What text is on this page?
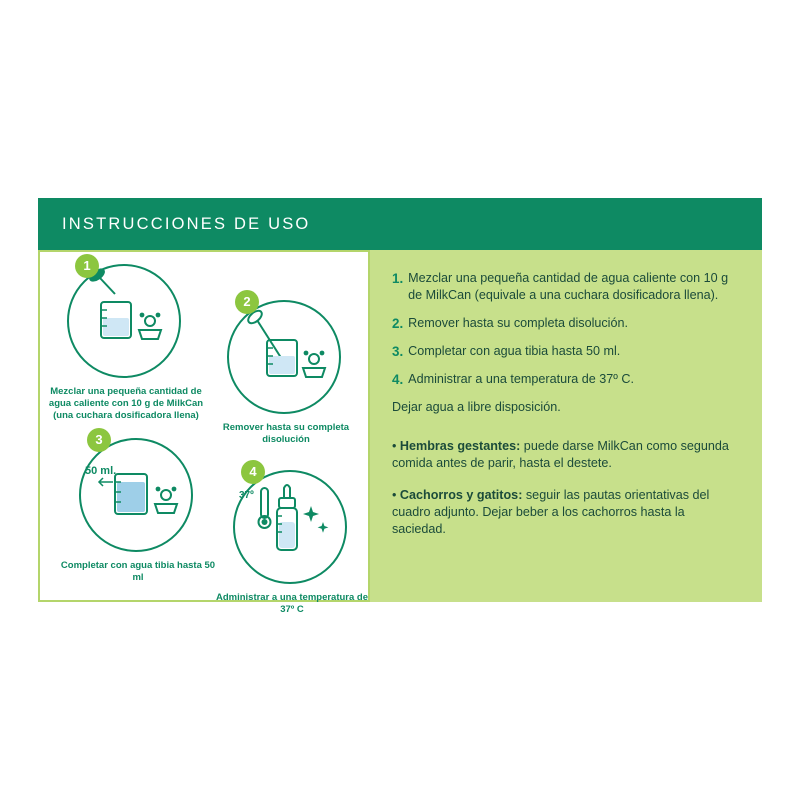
INSTRUCCIONES DE USO
1
Mezclar una pequeña cantidad de agua caliente con 10 g de MilkCan (una cuchara dosificadora llena)
2
Remover hasta su completa disolución
3
50 ml.
Completar con agua tibia hasta 50 ml
4
37º
Administrar a una temperatura de 37º C
1. Mezclar una pequeña cantidad de agua caliente con 10 g de MilkCan (equivale a una cuchara dosificadora llena).
2. Remover hasta su completa disolución.
3. Completar con agua tibia hasta 50 ml.
4. Administrar a una temperatura de 37º C.
Dejar agua a libre disposición.
• Hembras gestantes: puede darse MilkCan como segunda comida antes de parir, hasta el destete.
• Cachorros y gatitos: seguir las pautas orientativas del cuadro adjunto. Dejar beber a los cachorros hasta la saciedad.
